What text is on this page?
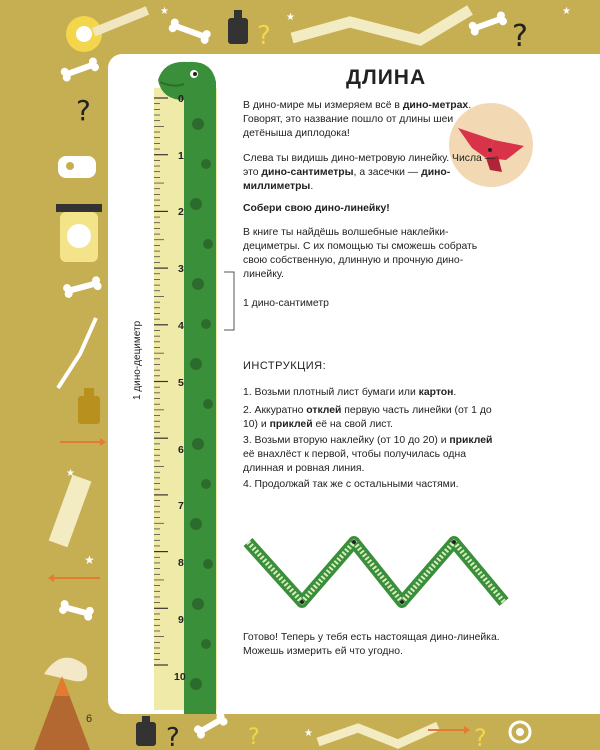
?	?
★
★
★
?
★
★
?	?	★	?
0
1
2
3
4
5
6
7
8
9
10
1 дино-дециметр
1 дино-сантиметр
ДЛИНА
В дино-мире мы измеряем всё в дино-метрах. Говорят, это название пошло от длины шеи детёныша диплодока!
Слева ты видишь дино-метровую линейку. Числа — это дино-сантиметры, а засечки — дино-миллиметры.
Собери свою дино-линейку!
В книге ты найдёшь волшебные наклейки-дециметры. С их помощью ты сможешь собрать свою собственную, длинную и прочную дино-линейку.
ИНСТРУКЦИЯ:
1. Возьми плотный лист бумаги или картон.
2. Аккуратно отклей первую часть линейки (от 1 до 10) и приклей её на свой лист.
3. Возьми вторую наклейку (от 10 до 20) и приклей её внахлёст к первой, чтобы получилась одна длинная и ровная линия.
4. Продолжай так же с остальными частями.
Готово! Теперь у тебя есть настоящая дино-линейка. Можешь измерить ей что угодно.
6
